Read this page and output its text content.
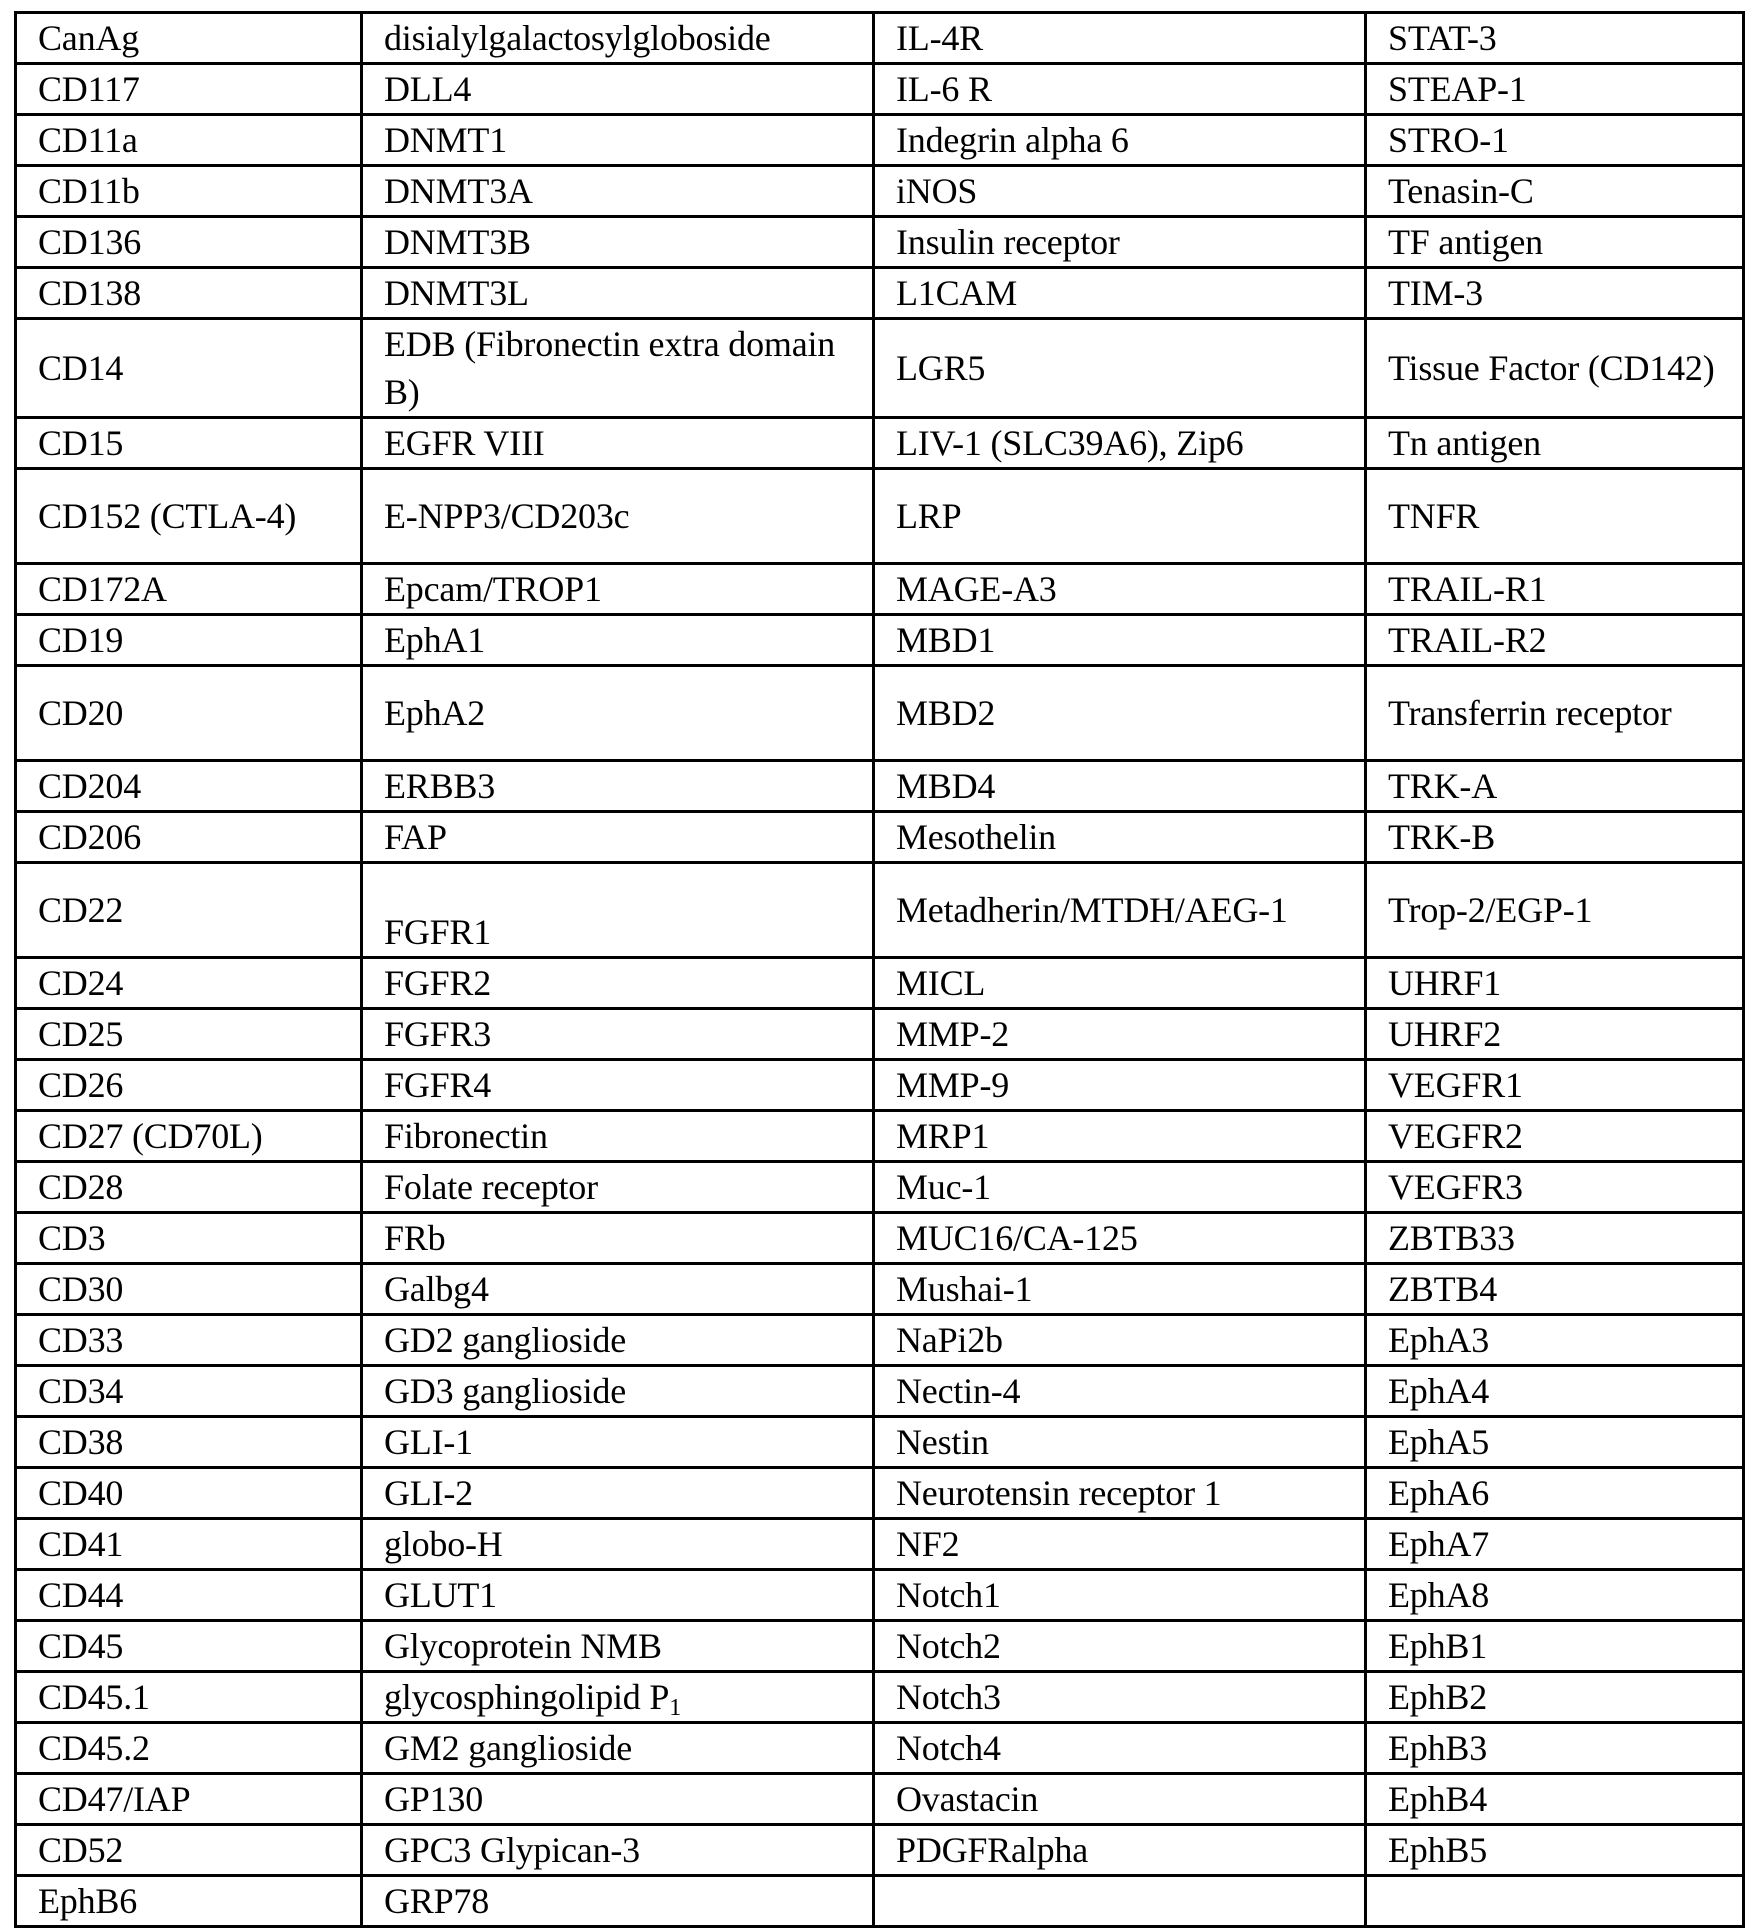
CanAg	disialylgalactosylgloboside	IL-4R	STAT-3
CD117	DLL4	IL-6 R	STEAP-1
CD11a	DNMT1	Indegrin alpha 6	STRO-1
CD11b	DNMT3A	iNOS	Tenasin-C
CD136	DNMT3B	Insulin receptor	TF antigen
CD138	DNMT3L	L1CAM	TIM-3
CD14	EDB (Fibronectin extra domain B)	LGR5	Tissue Factor (CD142)
CD15	EGFR VIII	LIV-1 (SLC39A6), Zip6	Tn antigen
CD152 (CTLA-4)	E-NPP3/CD203c	LRP	TNFR
CD172A	Epcam/TROP1	MAGE-A3	TRAIL-R1
CD19	EphA1	MBD1	TRAIL-R2
CD20	EphA2	MBD2	Transferrin receptor
CD204	ERBB3	MBD4	TRK-A
CD206	FAP	Mesothelin	TRK-B
CD22	FGFR1	Metadherin/MTDH/AEG-1	Trop-2/EGP-1
CD24	FGFR2	MICL	UHRF1
CD25	FGFR3	MMP-2	UHRF2
CD26	FGFR4	MMP-9	VEGFR1
CD27 (CD70L)	Fibronectin	MRP1	VEGFR2
CD28	Folate receptor	Muc-1	VEGFR3
CD3	FRb	MUC16/CA-125	ZBTB33
CD30	Galbg4	Mushai-1	ZBTB4
CD33	GD2 ganglioside	NaPi2b	EphA3
CD34	GD3 ganglioside	Nectin-4	EphA4
CD38	GLI-1	Nestin	EphA5
CD40	GLI-2	Neurotensin receptor 1	EphA6
CD41	globo-H	NF2	EphA7
CD44	GLUT1	Notch1	EphA8
CD45	Glycoprotein NMB	Notch2	EphB1
CD45.1	glycosphingolipid $P_1$	Notch3	EphB2
CD45.2	GM2 ganglioside	Notch4	EphB3
CD47/IAP	GP130	Ovastacin	EphB4
CD52	GPC3 Glypican-3	PDGFRalpha	EphB5
EphB6	GRP78		
